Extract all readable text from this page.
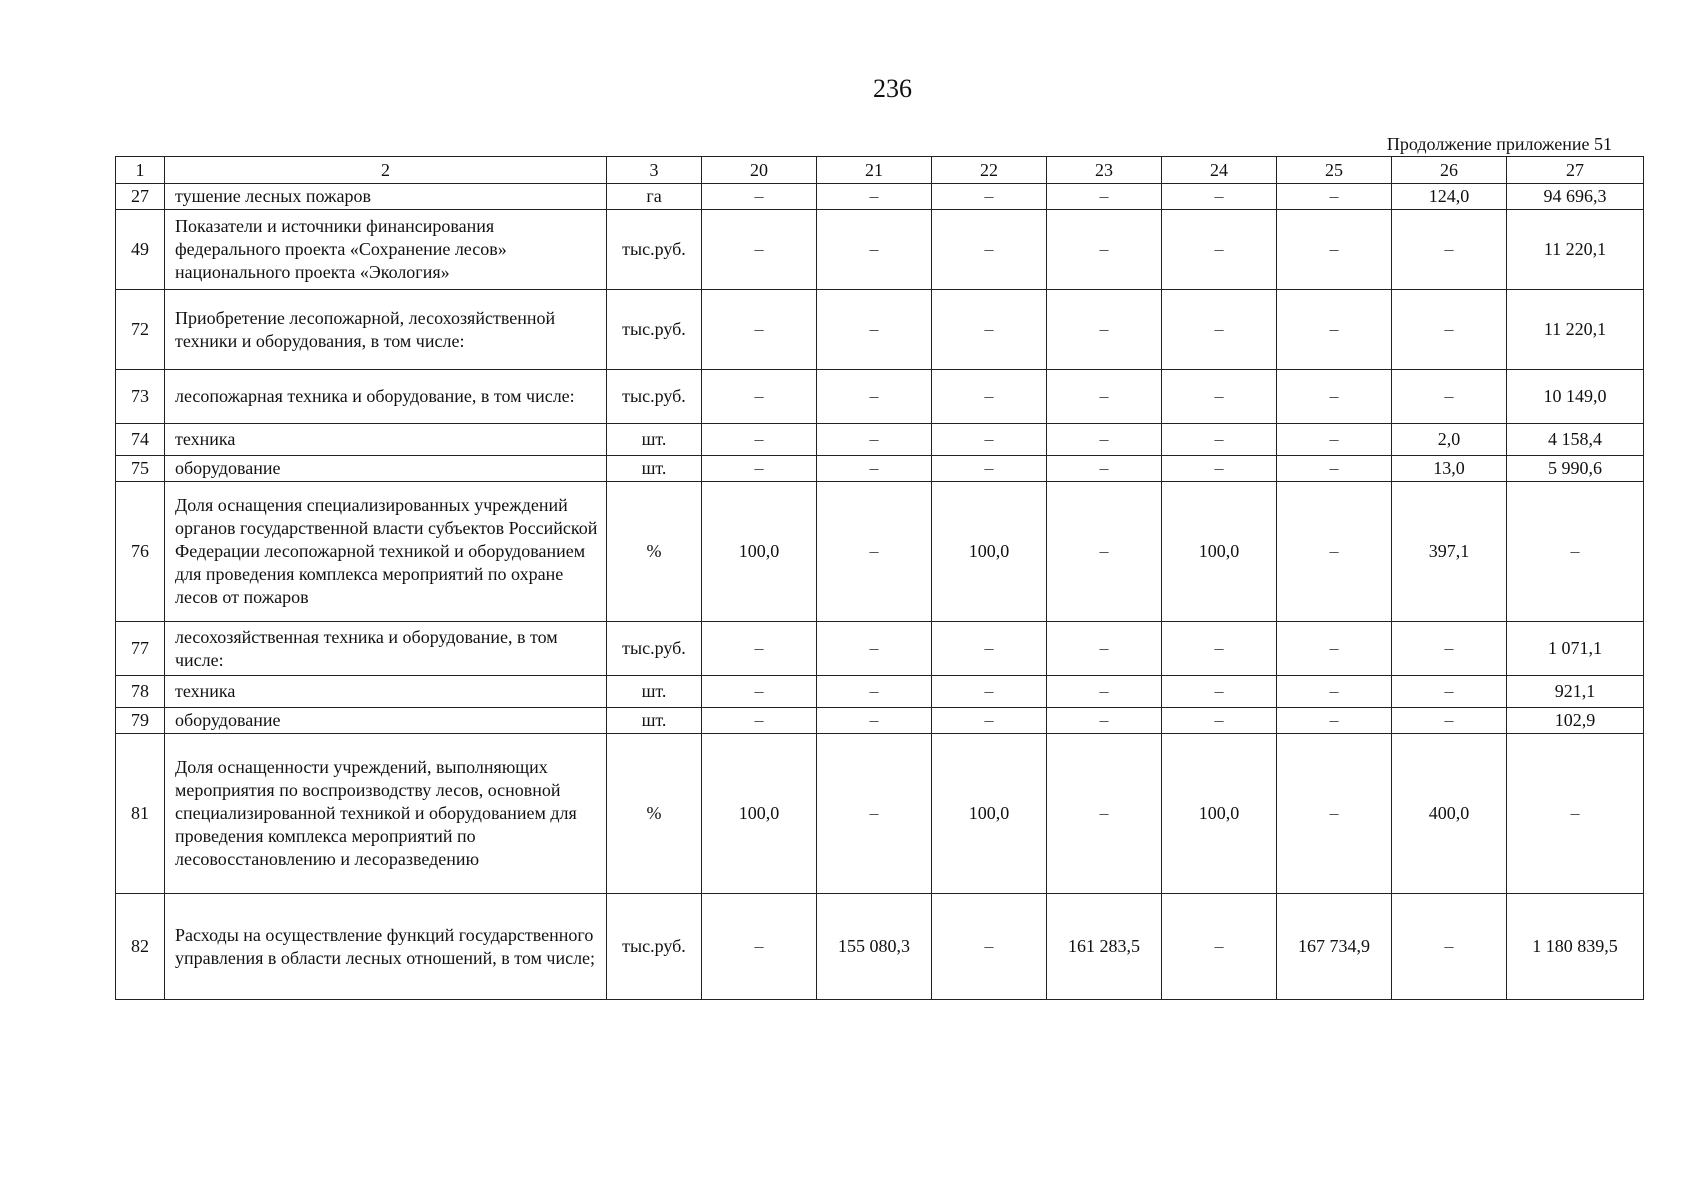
236
Продолжение приложение 51
1	2	3	20	21	22	23	24	25	26	27
27	тушение лесных пожаров	га	–	–	–	–	–	–	124,0	94 696,3
49	Показатели и источники финансирования федерального проекта «Сохранение лесов» национального проекта «Экология»	тыс.руб.	–	–	–	–	–	–	–	11 220,1
72	Приобретение лесопожарной, лесохозяйственной техники и оборудования, в том числе:	тыс.руб.	–	–	–	–	–	–	–	11 220,1
73	лесопожарная техника и оборудование, в том числе:	тыс.руб.	–	–	–	–	–	–	–	10 149,0
74	техника	шт.	–	–	–	–	–	–	2,0	4 158,4
75	оборудование	шт.	–	–	–	–	–	–	13,0	5 990,6
76	Доля оснащения специализированных учреждений органов государственной власти субъектов Российской Федерации лесопожарной техникой и оборудованием для проведения комплекса мероприятий по охране лесов от пожаров	%	100,0	–	100,0	–	100,0	–	397,1	–
77	лесохозяйственная техника и оборудование, в том числе:	тыс.руб.	–	–	–	–	–	–	–	1 071,1
78	техника	шт.	–	–	–	–	–	–	–	921,1
79	оборудование	шт.	–	–	–	–	–	–	–	102,9
81	Доля оснащенности учреждений, выполняющих мероприятия по воспроизводству лесов, основной специализированной техникой и оборудованием для проведения комплекса мероприятий по лесовосстановлению и лесоразведению	%	100,0	–	100,0	–	100,0	–	400,0	–
82	Расходы на осуществление функций государственного управления в области лесных отношений, в том числе;	тыс.руб.	–	155 080,3	–	161 283,5	–	167 734,9	–	1 180 839,5
